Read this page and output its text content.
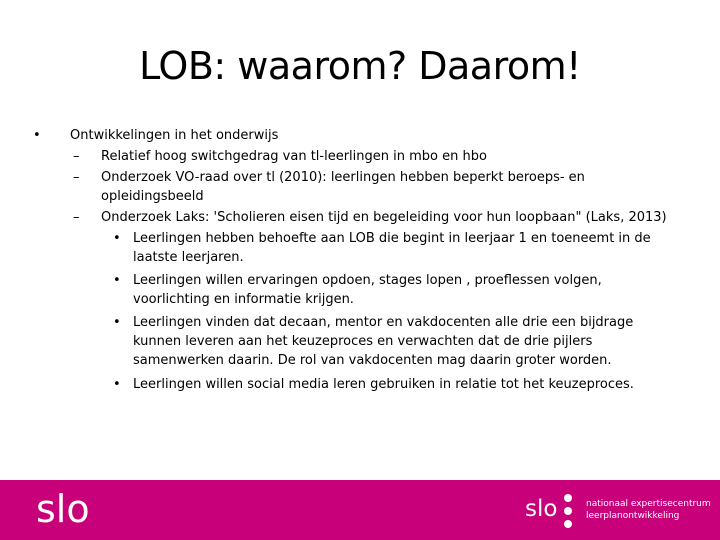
LOB: waarom? Daarom!
• Ontwikkelingen in het onderwijs
– Relatief hoog switchgedrag van tl-leerlingen in mbo en hbo
– Onderzoek VO-raad over tl (2010): leerlingen hebben beperkt beroeps- en
opleidingsbeeld
– Onderzoek Laks: 'Scholieren eisen tijd en begeleiding voor hun loopbaan" (Laks, 2013)
• Leerlingen hebben behoefte aan LOB die begint in leerjaar 1 en toeneemt in de
laatste leerjaren.
• Leerlingen willen ervaringen opdoen, stages lopen , proeflessen volgen,
voorlichting en informatie krijgen.
• Leerlingen vinden dat decaan, mentor en vakdocenten alle drie een bijdrage
kunnen leveren aan het keuzeproces en verwachten dat de drie pijlers
samenwerken daarin. De rol van vakdocenten mag daarin groter worden.
• Leerlingen willen social media leren gebruiken in relatie tot het keuzeproces.
slo	slo	nationaal expertisecentrum
leerplanontwikkeling
